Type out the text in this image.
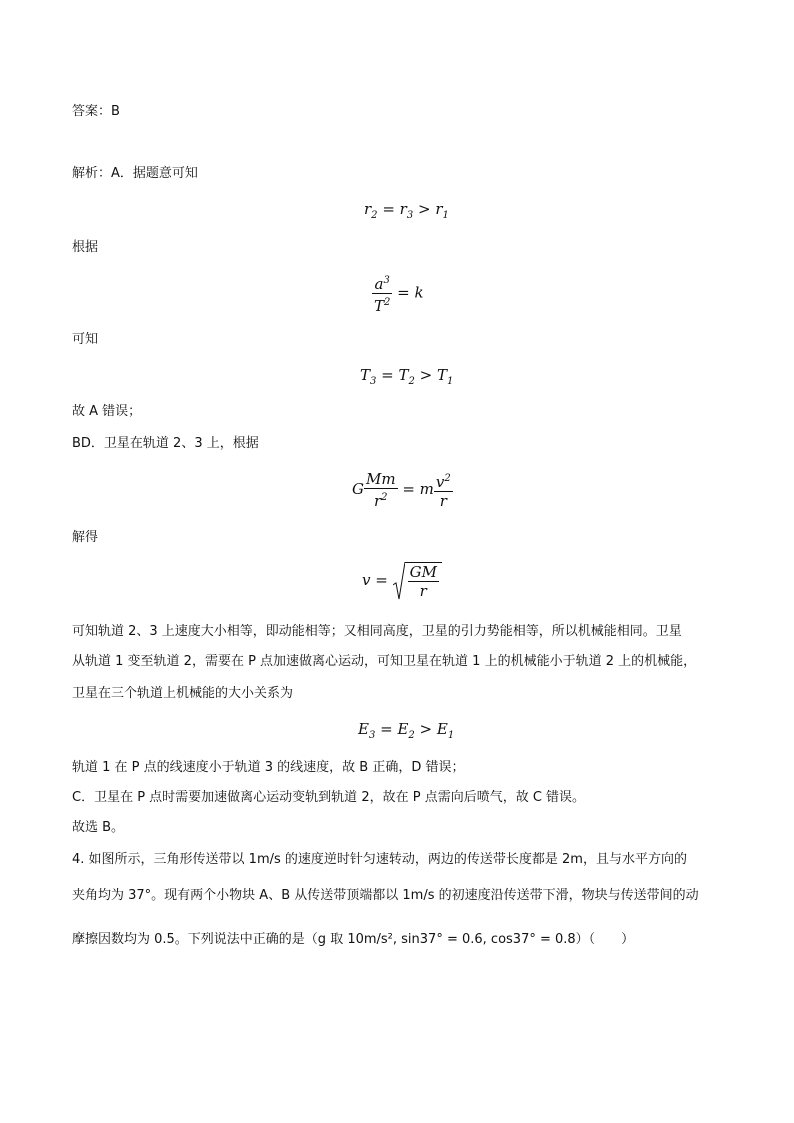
答案：B
解析：A．据题意可知
$r_2 = r_3 > r_1$
根据
$\frac{a^3}{T^2} = k$
可知
$T_3 = T_2 > T_1$
故 A 错误；
BD．卫星在轨道 2、3 上，根据
G $\frac{Mm}{r^2} = m \frac{v^2}{r}$
解得
$v = \frac{GM}{r}$
可知轨道 2、3 上速度大小相等，即动能相等；又相同高度，卫星的引力势能相等，所以机械能相同。卫星
从轨道 1 变至轨道 2，需要在 P 点加速做离心运动，可知卫星在轨道 1 上的机械能小于轨道 2 上的机械能，
卫星在三个轨道上机械能的大小关系为
$E_3 = E_2 > E_1$
轨道 1 在 P 点的线速度小于轨道 3 的线速度，故 B 正确，D 错误；
C．卫星在 P 点时需要加速做离心运动变轨到轨道 2，故在 P 点需向后喷气，故 C 错误。
故选 B。
4. 如图所示，三角形传送带以 1m/s 的速度逆时针匀速转动，两边的传送带长度都是 2m，且与水平方向的
夹角均为 37°。现有两个小物块 A、B 从传送带顶端都以 1m/s 的初速度沿传送带下滑，物块与传送带间的动
摩擦因数均为 0.5。下列说法中正确的是（g 取 10m/s², sin37° = 0.6, cos37° = 0.8）（　　）
